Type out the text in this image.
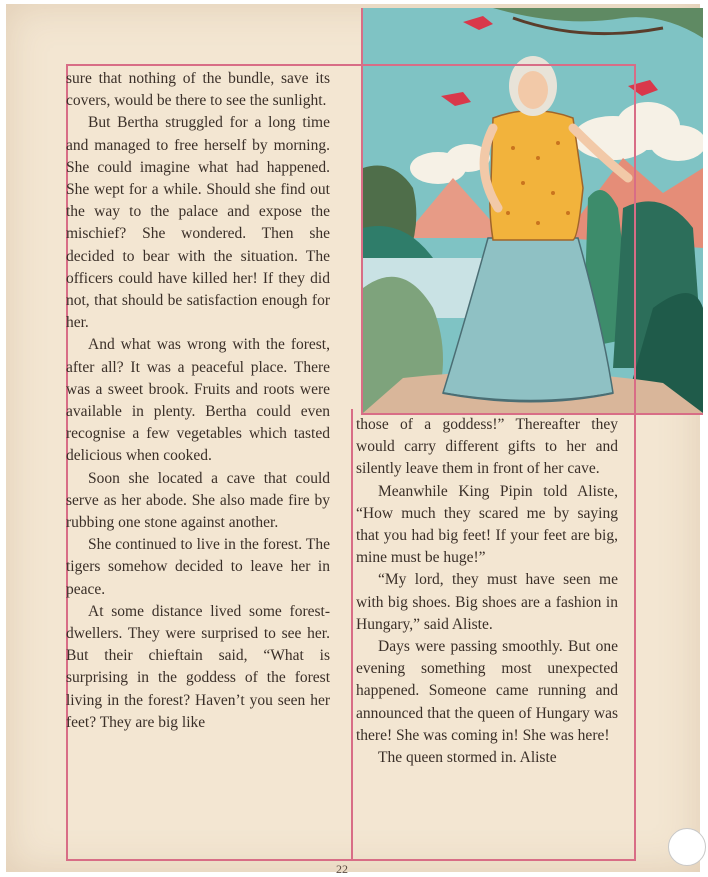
22

sure that nothing of the bundle, save its covers, would be there to see the sunlight.

But Bertha struggled for a long time and managed to free herself by morning. She could imagine what had happened. She wept for a while. Should she find out the way to the palace and expose the mischief? She wondered. Then she decided to bear with the situation. The officers could have killed her! If they did not, that should be satisfaction enough for her.

And what was wrong with the forest, after all? It was a peaceful place. There was a sweet brook. Fruits and roots were available in plenty. Bertha could even recognise a few vegetables which tasted delicious when cooked.

Soon she located a cave that could serve as her abode. She also made fire by rubbing one stone against another.

She continued to live in the forest. The tigers somehow decided to leave her in peace.

At some distance lived some forest-dwellers. They were surprised to see her. But their chieftain said, “What is surprising in the goddess of the forest living in the forest? Haven’t you seen her feet? They are big like

those of a goddess!” Thereafter they would carry different gifts to her and silently leave them in front of her cave.

Meanwhile King Pipin told Aliste, “How much they scared me by saying that you had big feet! If your feet are big, mine must be huge!”

“My lord, they must have seen me with big shoes. Big shoes are a fashion in Hungary,” said Aliste.

Days were passing smoothly. But one evening something most unexpected happened. Someone came running and announced that the queen of Hungary was there! She was coming in! She was here!

The queen stormed in. Aliste
